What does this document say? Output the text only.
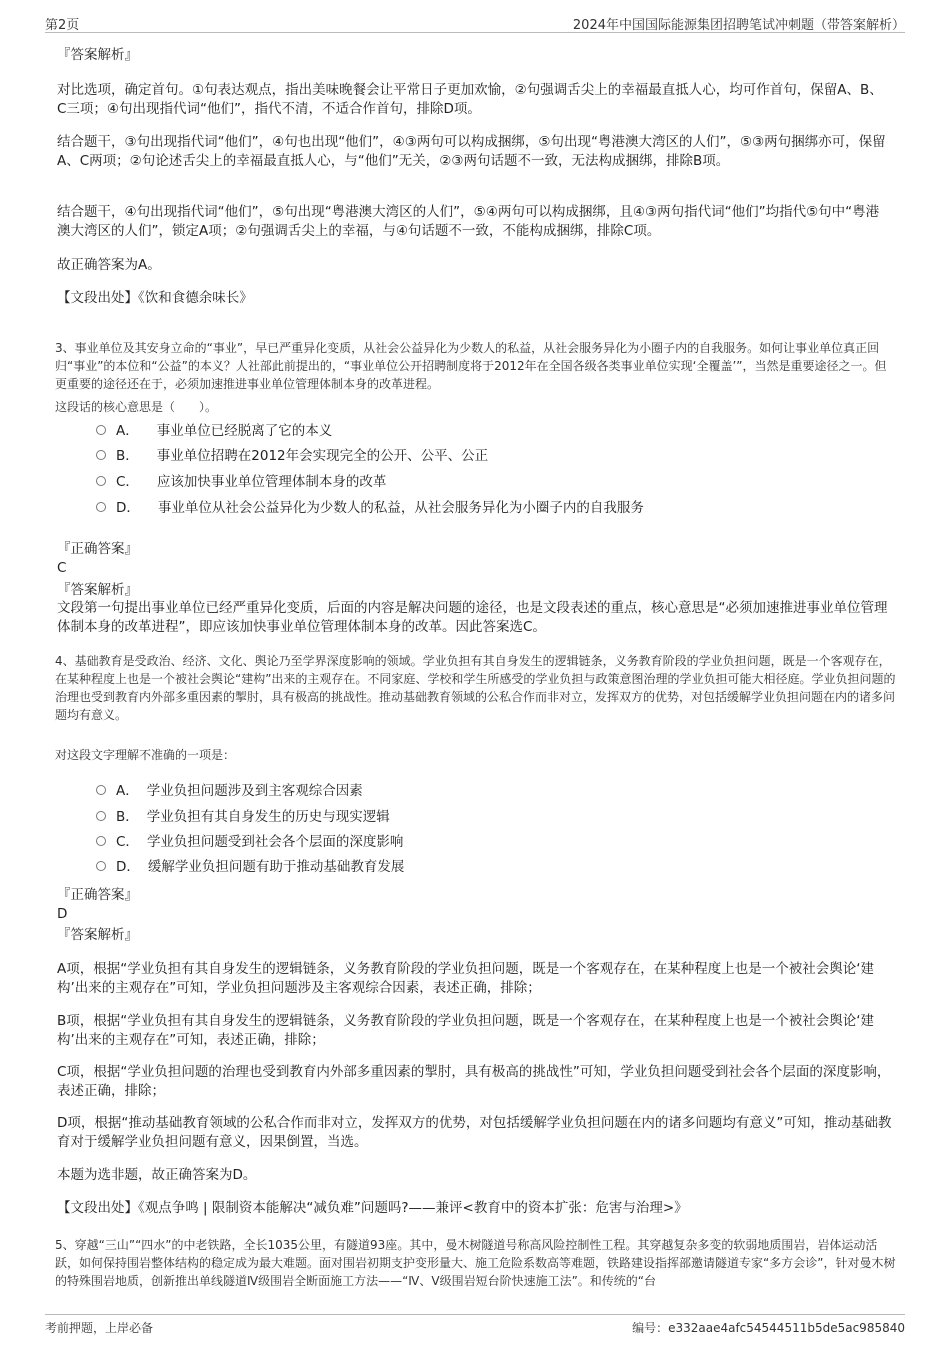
第2页	2024年中国国际能源集团招聘笔试冲刺题（带答案解析）
『答案解析』

对比选项，确定首句。①句表达观点，指出美味晚餐会让平常日子更加欢愉，②句强调舌尖上的幸福最直抵人心，均可作首句，保留A、B、C三项；④句出现指代词“他们”，指代不清，不适合作首句，排除D项。

结合题干，③句出现指代词“他们”，④句也出现“他们”，④③两句可以构成捆绑，⑤句出现“粤港澳大湾区的人们”，⑤③两句捆绑亦可，保留A、C两项；②句论述舌尖上的幸福最直抵人心，与“他们”无关，②③两句话题不一致，无法构成捆绑，排除B项。

结合题干，④句出现指代词“他们”，⑤句出现“粤港澳大湾区的人们”，⑤④两句可以构成捆绑，且④③两句指代词“他们”均指代⑤句中“粤港澳大湾区的人们”，锁定A项；②句强调舌尖上的幸福，与④句话题不一致，不能构成捆绑，排除C项。

故正确答案为A。

【文段出处】《饮和食德余味长》

3、事业单位及其安身立命的“事业”，早已严重异化变质，从社会公益异化为少数人的私益，从社会服务异化为小圈子内的自我服务。如何让事业单位真正回归“事业”的本位和“公益”的本义？人社部此前提出的，“事业单位公开招聘制度将于2012年在全国各级各类事业单位实现‘全覆盖’”，当然是重要途径之一。但更重要的途径还在于，必须加速推进事业单位管理体制本身的改革进程。

这段话的核心意思是（　　）。

A． 事业单位已经脱离了它的本义
B． 事业单位招聘在2012年会实现完全的公开、公平、公正
C． 应该加快事业单位管理体制本身的改革
D． 事业单位从社会公益异化为少数人的私益，从社会服务异化为小圈子内的自我服务
『正确答案』
C
『答案解析』

文段第一句提出事业单位已经严重异化变质，后面的内容是解决问题的途径，也是文段表述的重点，核心意思是“必须加速推进事业单位管理体制本身的改革进程”，即应该加快事业单位管理体制本身的改革。因此答案选C。

4、基础教育是受政治、经济、文化、舆论乃至学界深度影响的领域。学业负担有其自身发生的逻辑链条，义务教育阶段的学业负担问题，既是一个客观存在，在某种程度上也是一个被社会舆论“建构”出来的主观存在。不同家庭、学校和学生所感受的学业负担与政策意图治理的学业负担可能大相径庭。学业负担问题的治理也受到教育内外部多重因素的掣肘，具有极高的挑战性。推动基础教育领域的公私合作而非对立，发挥双方的优势，对包括缓解学业负担问题在内的诸多问题均有意义。

对这段文字理解不准确的一项是：

A． 学业负担问题涉及到主客观综合因素
B． 学业负担有其自身发生的历史与现实逻辑
C． 学业负担问题受到社会各个层面的深度影响
D． 缓解学业负担问题有助于推动基础教育发展
『正确答案』
D
『答案解析』

A项，根据“学业负担有其自身发生的逻辑链条，义务教育阶段的学业负担问题，既是一个客观存在，在某种程度上也是一个被社会舆论‘建构’出来的主观存在”可知，学业负担问题涉及主客观综合因素，表述正确，排除；

B项，根据“学业负担有其自身发生的逻辑链条，义务教育阶段的学业负担问题，既是一个客观存在，在某种程度上也是一个被社会舆论‘建构’出来的主观存在”可知，表述正确，排除；

C项，根据“学业负担问题的治理也受到教育内外部多重因素的掣肘，具有极高的挑战性”可知，学业负担问题受到社会各个层面的深度影响，表述正确，排除；

D项，根据“推动基础教育领域的公私合作而非对立，发挥双方的优势，对包括缓解学业负担问题在内的诸多问题均有意义”可知，推动基础教育对于缓解学业负担问题有意义，因果倒置，当选。

本题为选非题，故正确答案为D。

【文段出处】《观点争鸣 | 限制资本能解决“减负难”问题吗?——兼评<教育中的资本扩张：危害与治理>》

5、穿越“三山”“四水”的中老铁路，全长1035公里，有隧道93座。其中，曼木树隧道号称高风险控制性工程。其穿越复杂多变的软弱地质围岩，岩体运动活跃，如何保持围岩整体结构的稳定成为最大难题。面对围岩初期支护变形量大、施工危险系数高等难题，铁路建设指挥部邀请隧道专家“多方会诊”，针对曼木树的特殊围岩地质，创新推出单线隧道Ⅳ级围岩全断面施工方法——“Ⅳ、Ⅴ级围岩短台阶快速施工法”。和传统的“台

考前押题，上岸必备	编号：e332aae4afc54544511b5de5ac985840
